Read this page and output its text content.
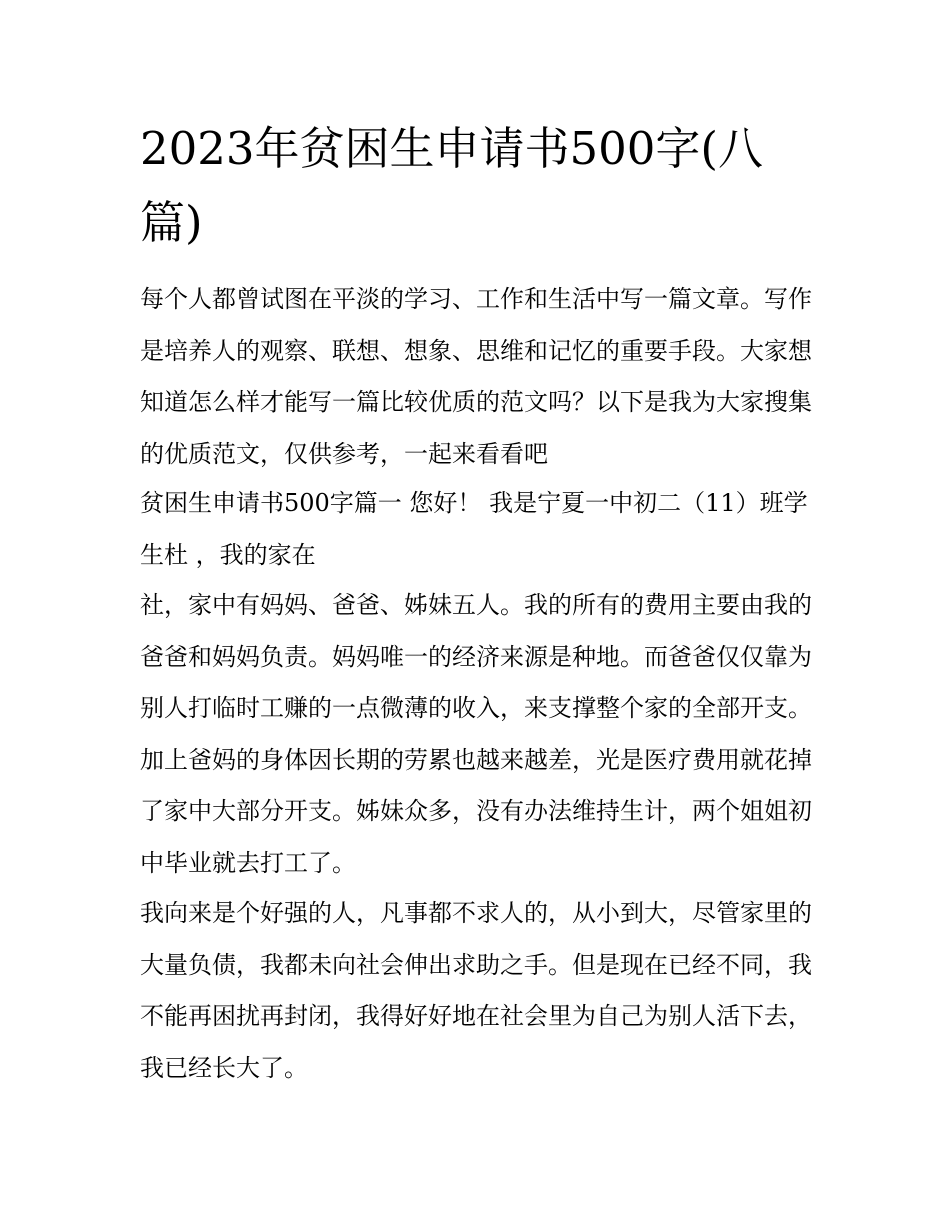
2023年贫困生申请书500字(八篇)

每个人都曾试图在平淡的学习、工作和生活中写一篇文章。写作是培养人的观察、联想、想象、思维和记忆的重要手段。大家想知道怎么样才能写一篇比较优质的范文吗？以下是我为大家搜集的优质范文，仅供参考，一起来看看吧

贫困生申请书500字篇一 您好！ 我是宁夏一中初二（11）班学生杜 ，我的家在

社，家中有妈妈、爸爸、姊妹五人。我的所有的费用主要由我的爸爸和妈妈负责。妈妈唯一的经济来源是种地。而爸爸仅仅靠为别人打临时工赚的一点微薄的收入，来支撑整个家的全部开支。加上爸妈的身体因长期的劳累也越来越差，光是医疗费用就花掉了家中大部分开支。姊妹众多，没有办法维持生计，两个姐姐初中毕业就去打工了。

我向来是个好强的人，凡事都不求人的，从小到大，尽管家里的大量负债，我都未向社会伸出求助之手。但是现在已经不同，我不能再困扰再封闭，我得好好地在社会里为自己为别人活下去，我已经长大了。
